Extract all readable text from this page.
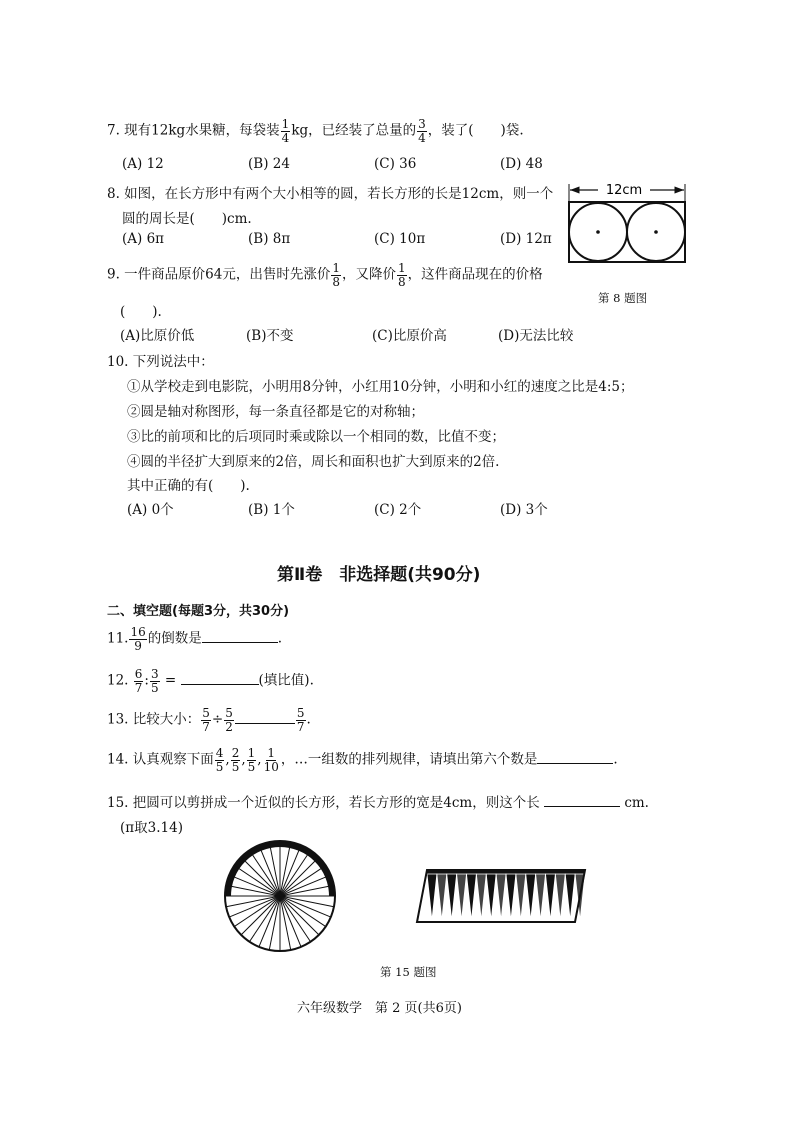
7. 现有12kg水果糖，每袋装 $\frac{1}{4}$ kg，已经装了总量的 $\frac{3}{4}$ ，装了(　　)袋.
(A) 12	(B) 24	(C) 36	(D) 48
8. 如图，在长方形中有两个大小相等的圆，若长方形的长是12cm，则一个
圆的周长是(　　)cm.
(A) 6π	(B) 8π	(C) 10π	(D) 12π
12cm
第 8 题图
9. 一件商品原价64元，出售时先涨价 $\frac{1}{8}$ ，又降价 $\frac{1}{8}$ ，这件商品现在的价格
(　　).
(A)比原价低	(B)不变	(C)比原价高	(D)无法比较
10. 下列说法中：
①从学校走到电影院，小明用8分钟，小红用10分钟，小明和小红的速度之比是4:5；
②圆是轴对称图形，每一条直径都是它的对称轴；
③比的前项和比的后项同时乘或除以一个相同的数，比值不变；
④圆的半径扩大到原来的2倍，周长和面积也扩大到原来的2倍.
其中正确的有(　　).
(A) 0个	(B) 1个	(C) 2个	(D) 3个
第Ⅱ卷　非选择题(共90分)
二、填空题(每题3分，共30分)
11. $\frac{16}{9}$ 的倒数是	.
12. $\frac{6}{7}$ : $\frac{3}{5}$ =	(填比值).
13. 比较大小： $\frac{5}{7} \div \frac{5}{2}$	$\frac{5}{7}$ .
14. 认真观察下面 $\frac{4}{5}$ , $\frac{2}{5}$ , $\frac{1}{5}$ , $\frac{1}{10}$ ，…一组数的排列规律，请填出第六个数是	.
15. 把圆可以剪拼成一个近似的长方形，若长方形的宽是4cm，则这个长	cm.
(π取3.14)
第 15 题图
六年级数学　第 2 页(共6页)
